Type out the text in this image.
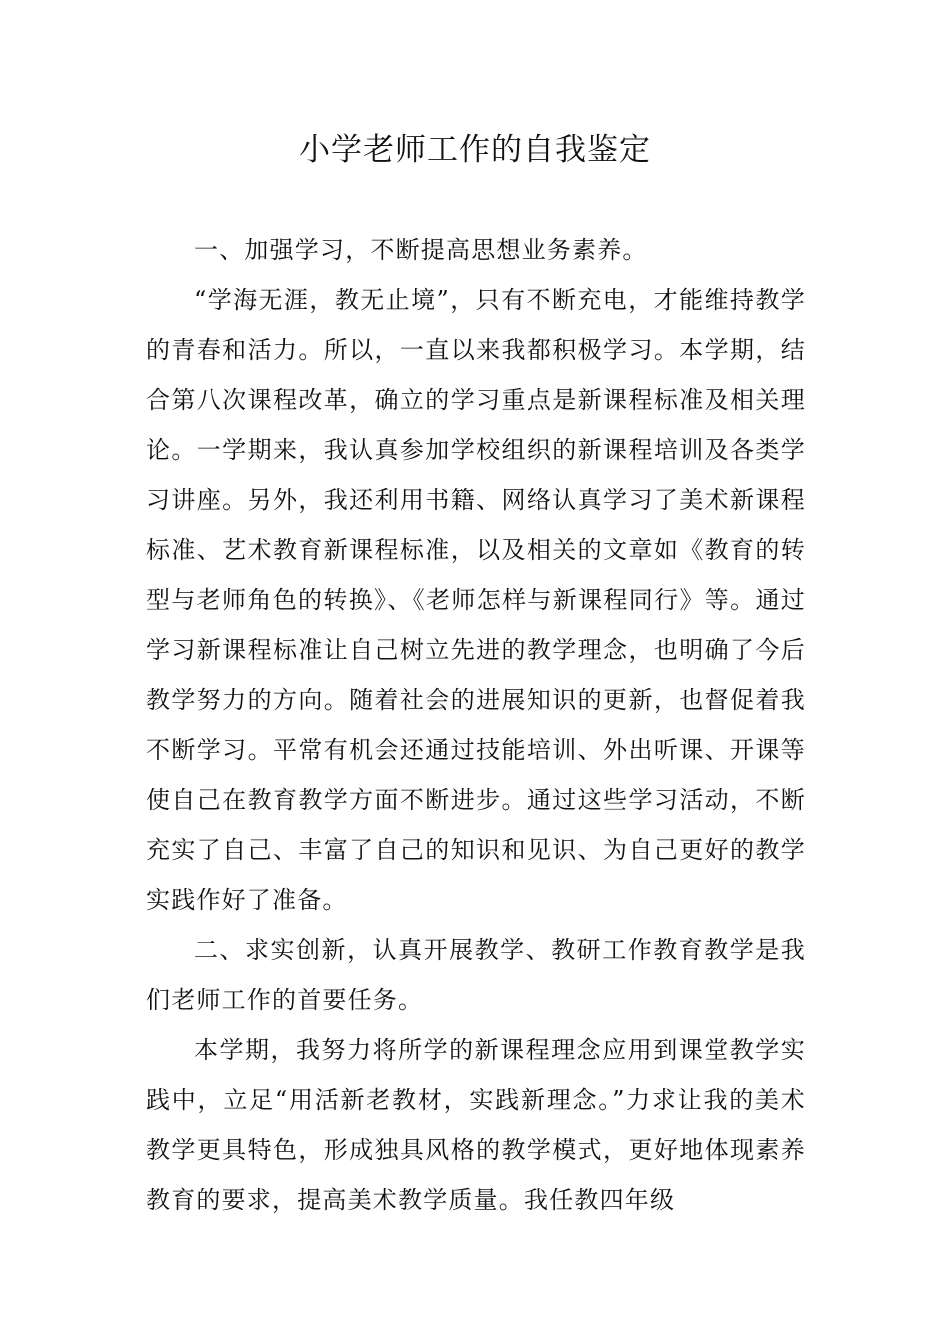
小学老师工作的自我鉴定

一、加强学习，不断提高思想业务素养。

“学海无涯，教无止境”，只有不断充电，才能维持教学的青春和活力。所以，一直以来我都积极学习。本学期，结合第八次课程改革，确立的学习重点是新课程标准及相关理论。一学期来，我认真参加学校组织的新课程培训及各类学习讲座。另外，我还利用书籍、网络认真学习了美术新课程标准、艺术教育新课程标准，以及相关的文章如《教育的转型与老师角色的转换》、《老师怎样与新课程同行》等。通过学习新课程标准让自己树立先进的教学理念，也明确了今后教学努力的方向。随着社会的进展知识的更新，也督促着我不断学习。平常有机会还通过技能培训、外出听课、开课等使自己在教育教学方面不断进步。通过这些学习活动，不断充实了自己、丰富了自己的知识和见识、为自己更好的教学实践作好了准备。

二、求实创新，认真开展教学、教研工作教育教学是我们老师工作的首要任务。

本学期，我努力将所学的新课程理念应用到课堂教学实践中，立足“用活新老教材，实践新理念。”力求让我的美术教学更具特色，形成独具风格的教学模式，更好地体现素养教育的要求，提高美术教学质量。我任教四年级
